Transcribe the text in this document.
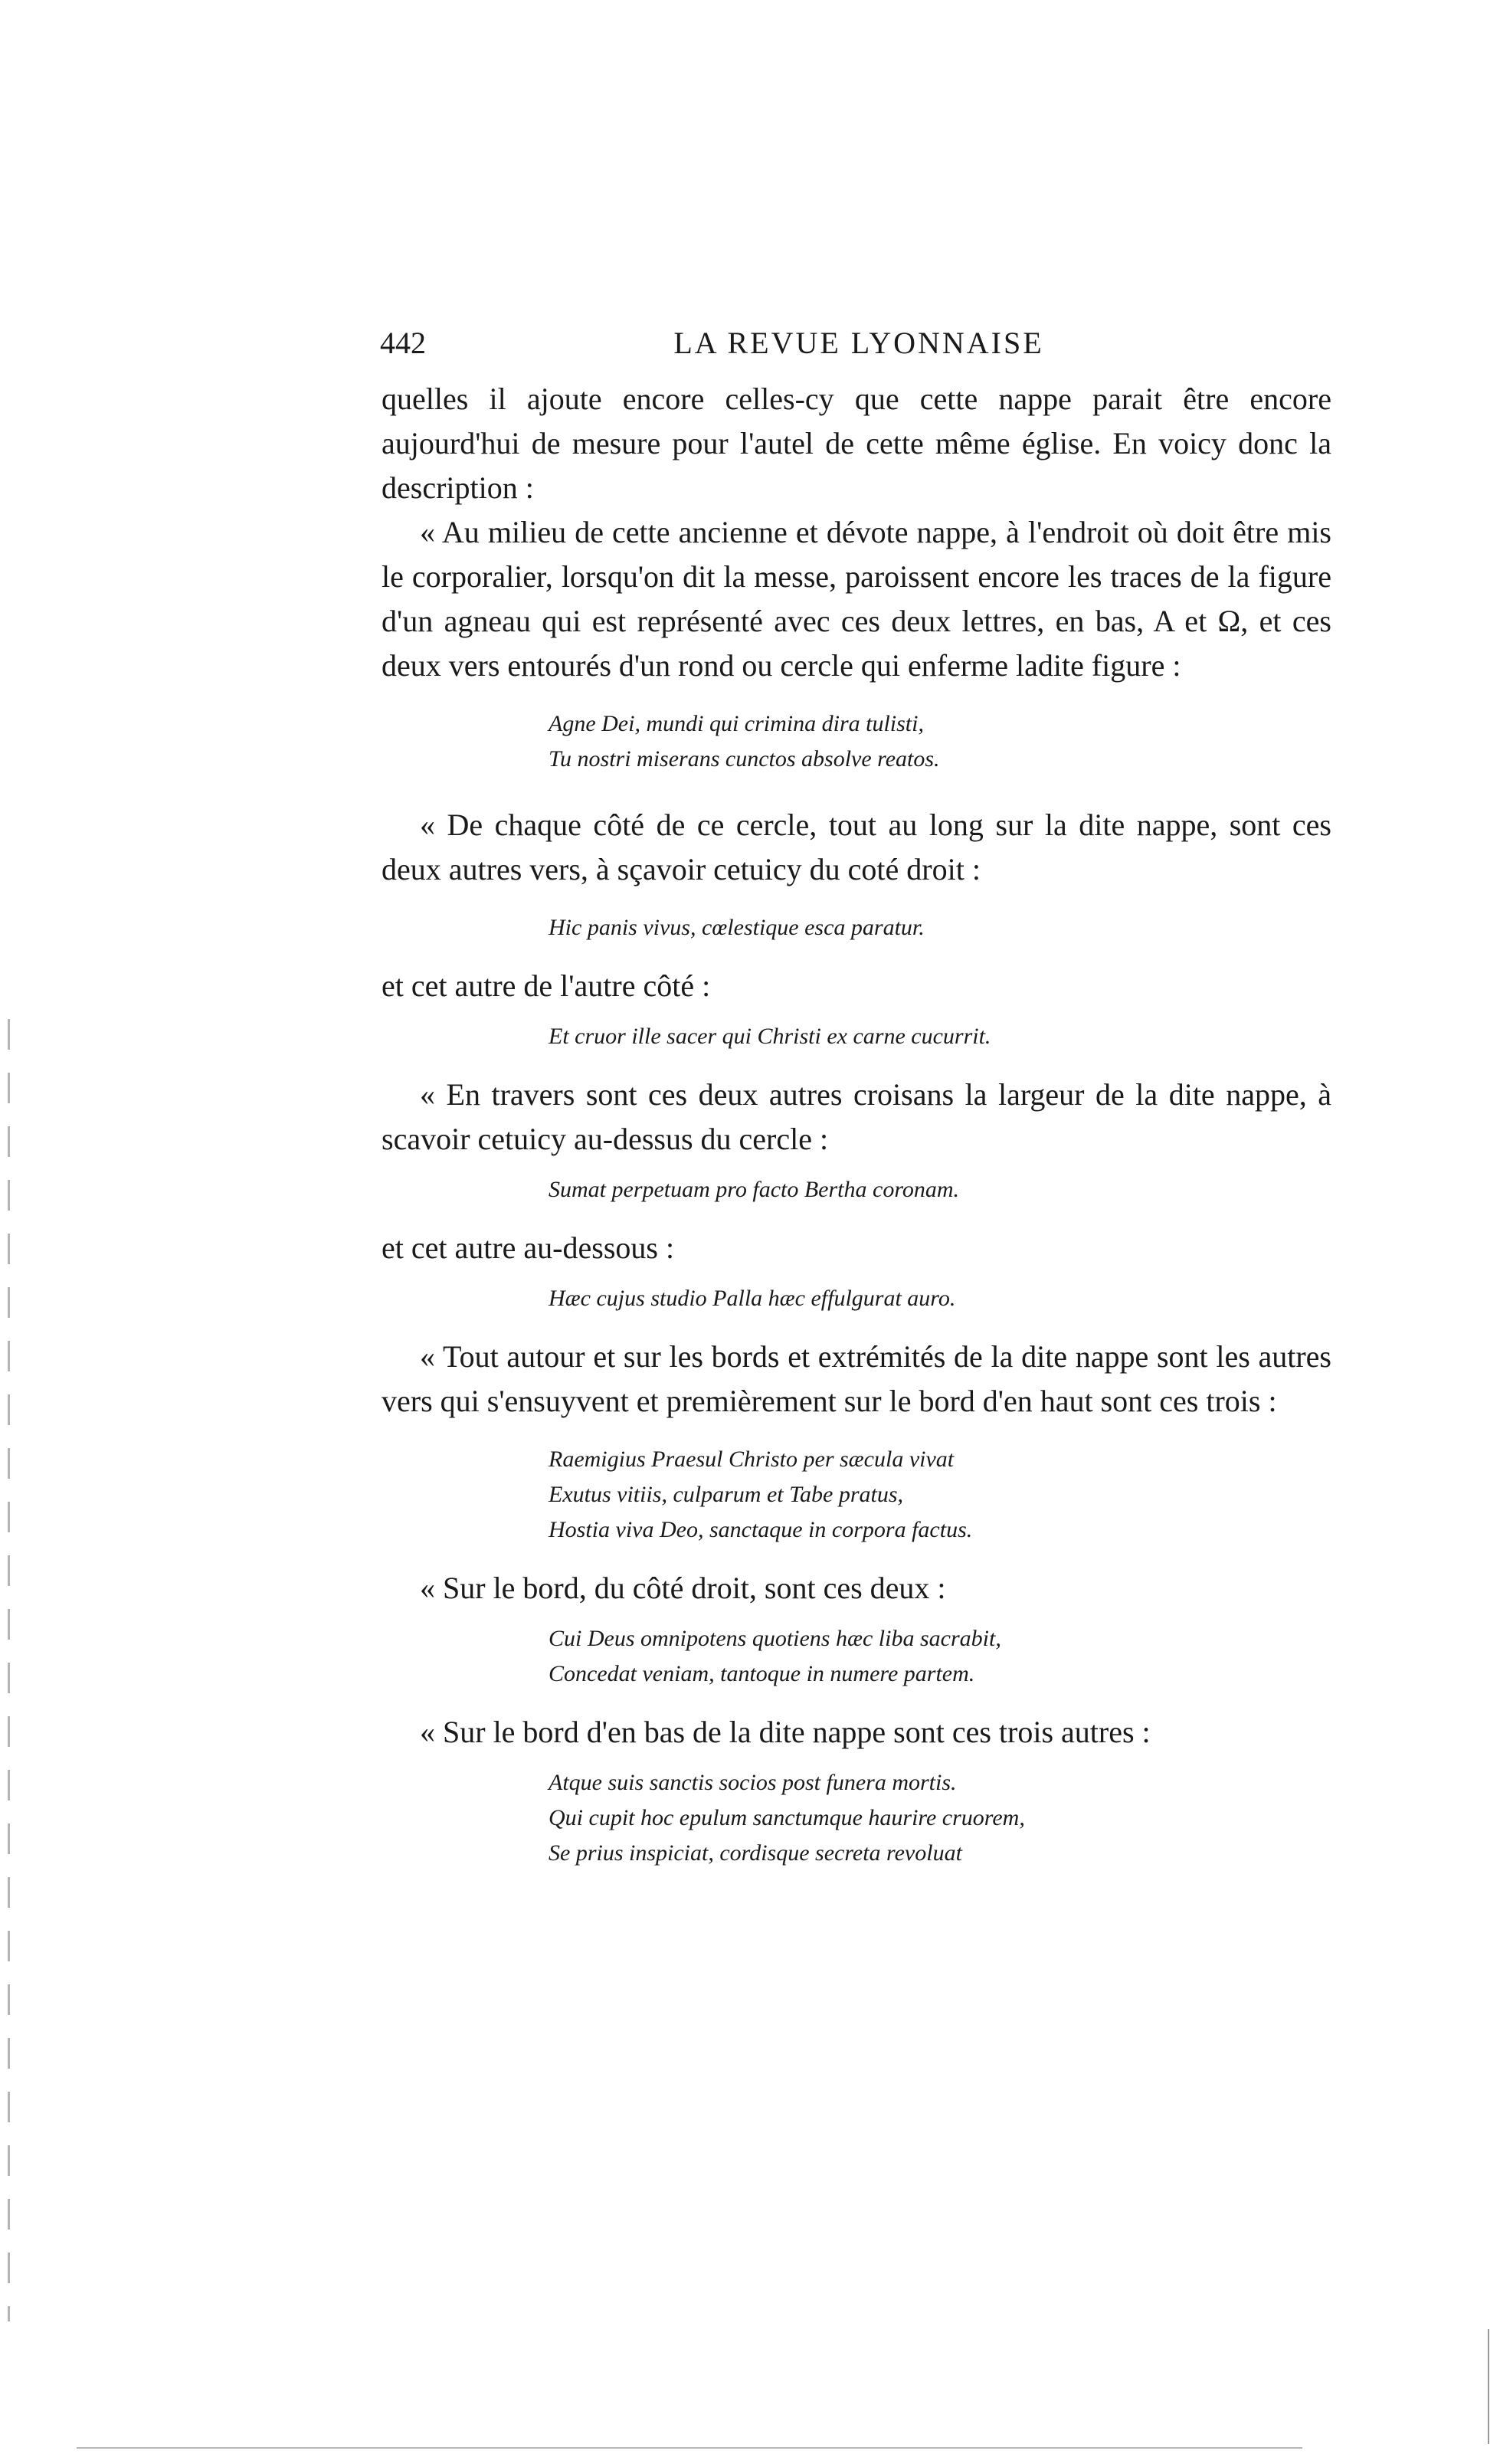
442	LA REVUE LYONNAISE

quelles il ajoute encore celles-cy que cette nappe parait être encore aujourd'hui de mesure pour l'autel de cette même église. En voicy donc la description :

« Au milieu de cette ancienne et dévote nappe, à l'endroit où doit être mis le corporalier, lorsqu'on dit la messe, paroissent encore les traces de la figure d'un agneau qui est représenté avec ces deux lettres, en bas, A et Ω, et ces deux vers entourés d'un rond ou cercle qui enferme ladite figure :

Agne Dei, mundi qui crimina dira tulisti,

Tu nostri miserans cunctos absolve reatos.

« De chaque côté de ce cercle, tout au long sur la dite nappe, sont ces deux autres vers, à sçavoir cetuicy du coté droit :

Hic panis vivus, cœlestique esca paratur.

et cet autre de l'autre côté :

Et cruor ille sacer qui Christi ex carne cucurrit.

« En travers sont ces deux autres croisans la largeur de la dite nappe, à scavoir cetuicy au-dessus du cercle :

Sumat perpetuam pro facto Bertha coronam.

et cet autre au-dessous :

Hæc cujus studio Palla hæc effulgurat auro.

« Tout autour et sur les bords et extrémités de la dite nappe sont les autres vers qui s'ensuyvent et premièrement sur le bord d'en haut sont ces trois :

Raemigius Praesul Christo per sæcula vivat

Exutus vitiis, culparum et Tabe pratus,

Hostia viva Deo, sanctaque in corpora factus.

« Sur le bord, du côté droit, sont ces deux :

Cui Deus omnipotens quotiens hæc liba sacrabit,

Concedat veniam, tantoque in numere partem.

« Sur le bord d'en bas de la dite nappe sont ces trois autres :

Atque suis sanctis socios post funera mortis.

Qui cupit hoc epulum sanctumque haurire cruorem,

Se prius inspiciat, cordisque secreta revoluat
